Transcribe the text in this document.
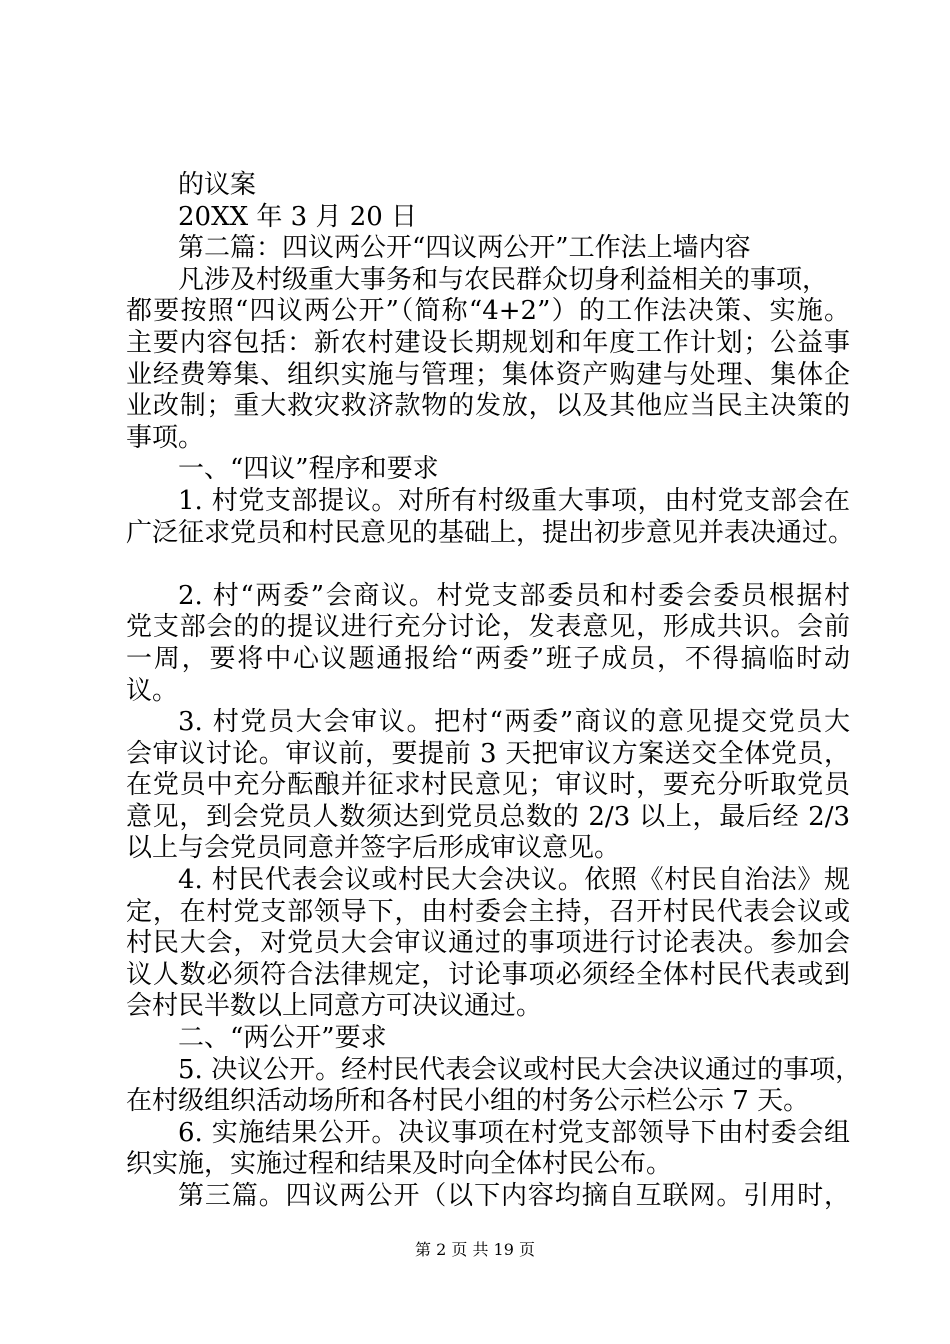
的议案
20XX 年 3 月 20 日
第二篇：四议两公开“四议两公开”工作法上墙内容
凡涉及村级重大事务和与农民群众切身利益相关的事项，
都要按照“四议两公开”（简称“4+2”）的工作法决策、实施。
主要内容包括：新农村建设长期规划和年度工作计划；公益事
业经费筹集、组织实施与管理；集体资产购建与处理、集体企
业改制；重大救灾救济款物的发放，以及其他应当民主决策的
事项。
一、“四议”程序和要求
1. 村党支部提议。对所有村级重大事项，由村党支部会在
广泛征求党员和村民意见的基础上，提出初步意见并表决通过。
2. 村“两委”会商议。村党支部委员和村委会委员根据村
党支部会的的提议进行充分讨论，发表意见，形成共识。会前
一周，要将中心议题通报给“两委”班子成员，不得搞临时动
议。
3. 村党员大会审议。把村“两委”商议的意见提交党员大
会审议讨论。审议前，要提前 3 天把审议方案送交全体党员，
在党员中充分酝酿并征求村民意见；审议时，要充分听取党员
意见，到会党员人数须达到党员总数的 2/3 以上，最后经 2/3
以上与会党员同意并签字后形成审议意见。
4. 村民代表会议或村民大会决议。依照《村民自治法》规
定，在村党支部领导下，由村委会主持，召开村民代表会议或
村民大会，对党员大会审议通过的事项进行讨论表决。参加会
议人数必须符合法律规定，讨论事项必须经全体村民代表或到
会村民半数以上同意方可决议通过。
二、“两公开”要求
5. 决议公开。经村民代表会议或村民大会决议通过的事项，
在村级组织活动场所和各村民小组的村务公示栏公示 7 天。
6. 实施结果公开。决议事项在村党支部领导下由村委会组
织实施，实施过程和结果及时向全体村民公布。
第三篇。四议两公开（以下内容均摘自互联网。引用时，
第 2 页 共 19 页
